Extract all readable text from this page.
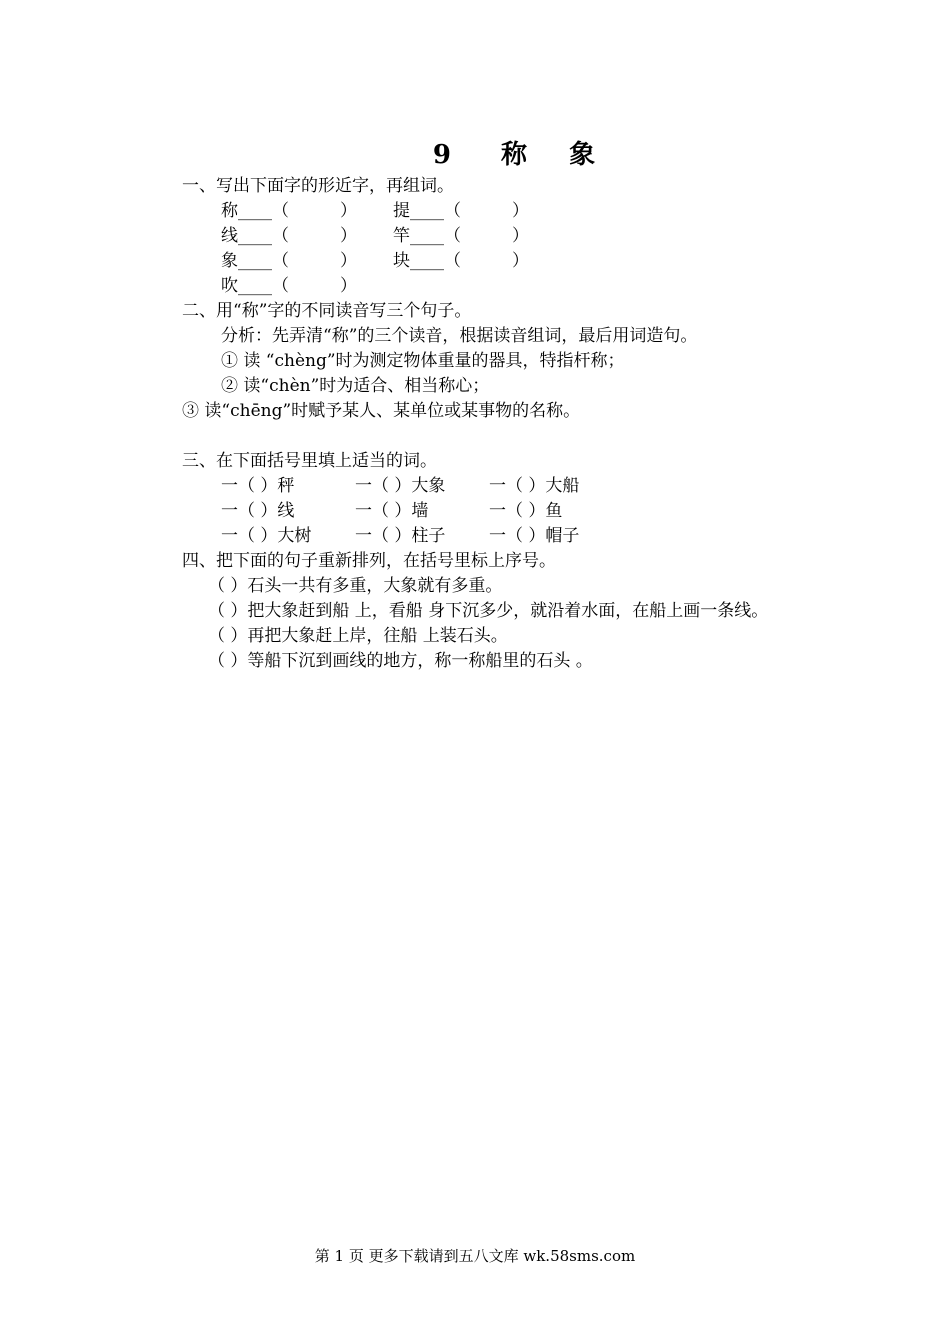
9 称 象
一、写出下面字的形近字，再组词。
称____（　　　） 提____（　　　）
线____（　　　） 竿____（　　　）
象____（　　　） 块____（　　　）
吹____（　　　）
二、用“称”字的不同读音写三个句子。
分析：先弄清“称”的三个读音，根据读音组词，最后用词造句。
① 读 “chèng”时为测定物体重量的器具，特指杆称；
② 读“chèn”时为适合、相当称心；
③ 读“chēng”时赋予某人、某单位或某事物的名称。
三、在下面括号里填上适当的词。
一（ ）秤	一（ ）大象	一（ ）大船
一（ ）线	一（ ）墙	一（ ）鱼
一（ ）大树	一（ ）柱子	一（ ）帽子
四、把下面的句子重新排列，在括号里标上序号。
（ ）石头一共有多重，大象就有多重。
（ ）把大象赶到船 上，看船 身下沉多少，就沿着水面，在船上画一条线。
（ ）再把大象赶上岸，往船 上装石头。
（ ）等船下沉到画线的地方，称一称船里的石头 。
第 1 页 更多下载请到五八文库 wk.58sms.com
